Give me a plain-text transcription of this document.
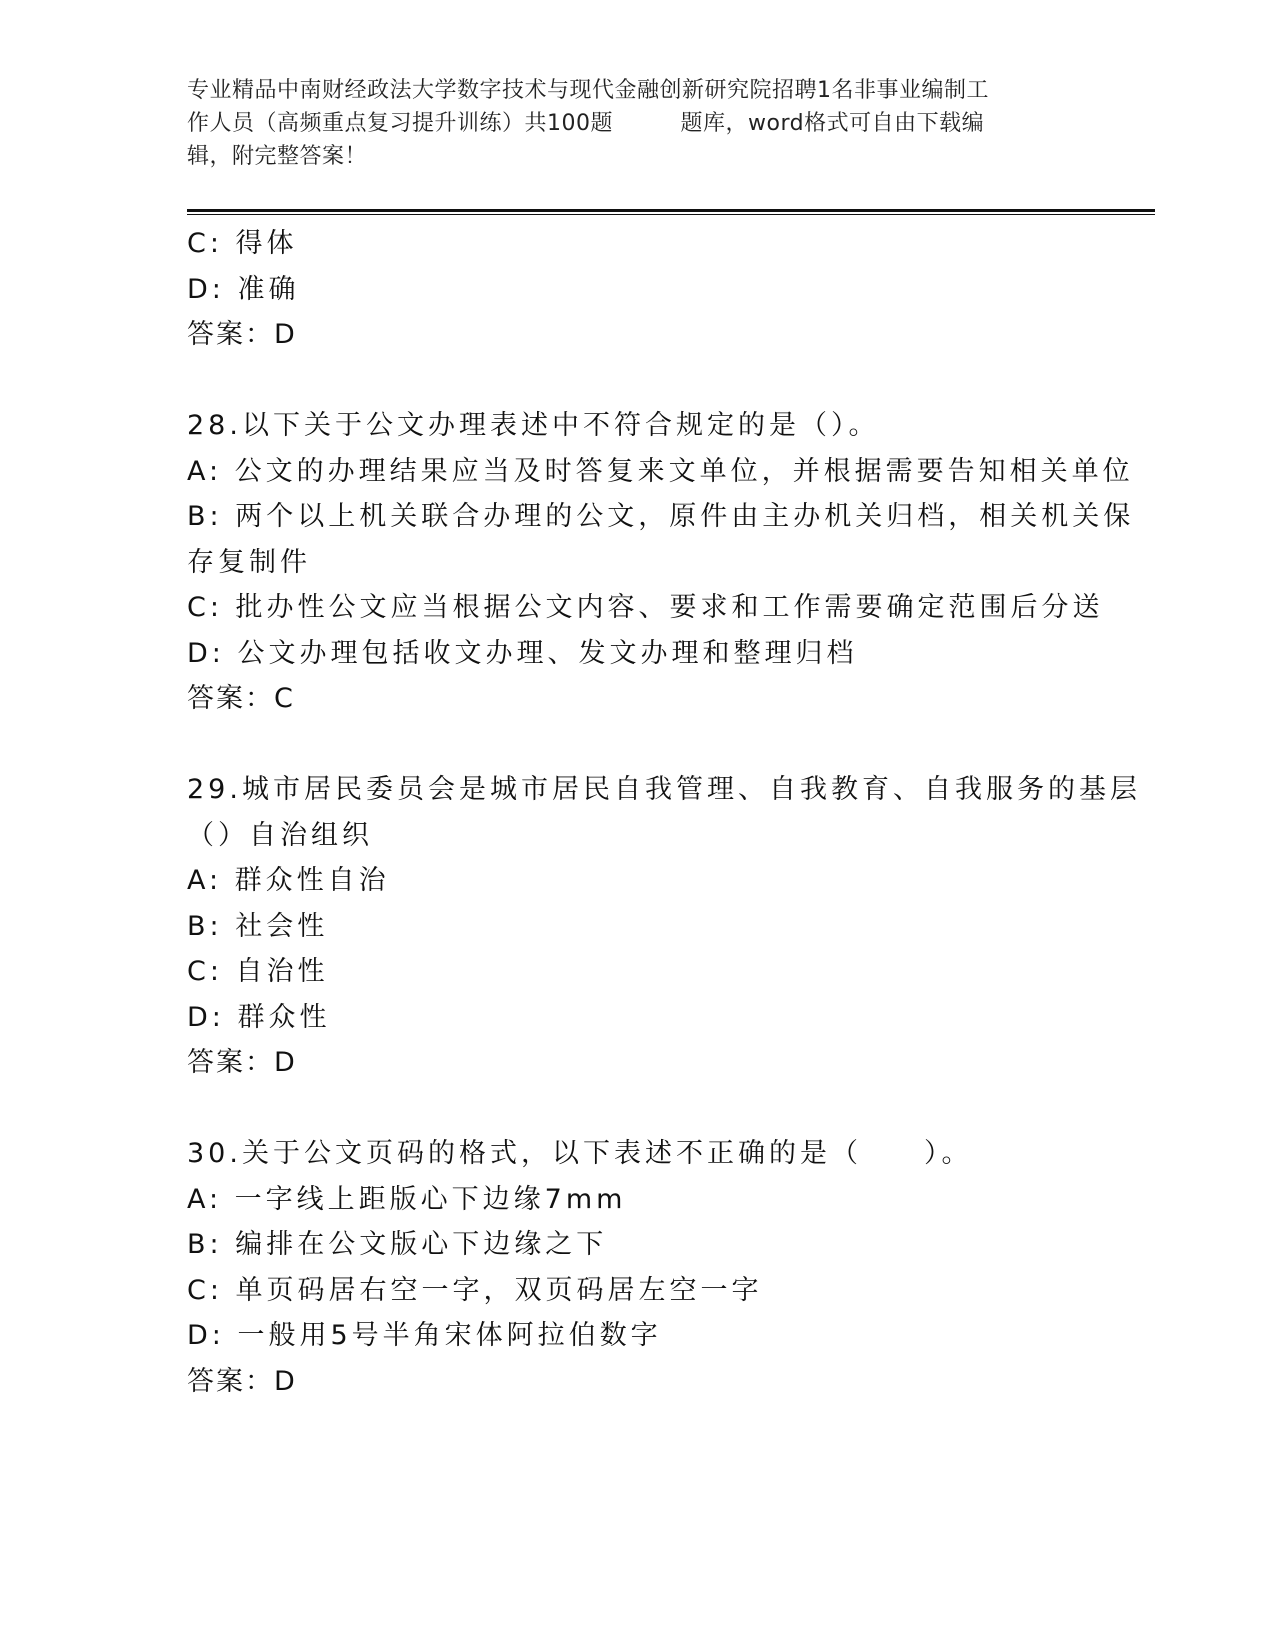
专业精品中南财经政法大学数字技术与现代金融创新研究院招聘1名非事业编制工
作人员（高频重点复习提升训练）共100题　　　题库，word格式可自由下载编
辑，附完整答案！
C: 得体
D: 准确
答案：D
28.以下关于公文办理表述中不符合规定的是（）。
A: 公文的办理结果应当及时答复来文单位，并根据需要告知相关单位
B: 两个以上机关联合办理的公文，原件由主办机关归档，相关机关保
存复制件
C: 批办性公文应当根据公文内容、要求和工作需要确定范围后分送
D: 公文办理包括收文办理、发文办理和整理归档
答案：C
29.城市居民委员会是城市居民自我管理、自我教育、自我服务的基层
（）自治组织
A: 群众性自治
B: 社会性
C: 自治性
D: 群众性
答案：D
30.关于公文页码的格式，以下表述不正确的是（　　）。
A: 一字线上距版心下边缘7mm
B: 编排在公文版心下边缘之下
C: 单页码居右空一字，双页码居左空一字
D: 一般用5号半角宋体阿拉伯数字
答案：D
